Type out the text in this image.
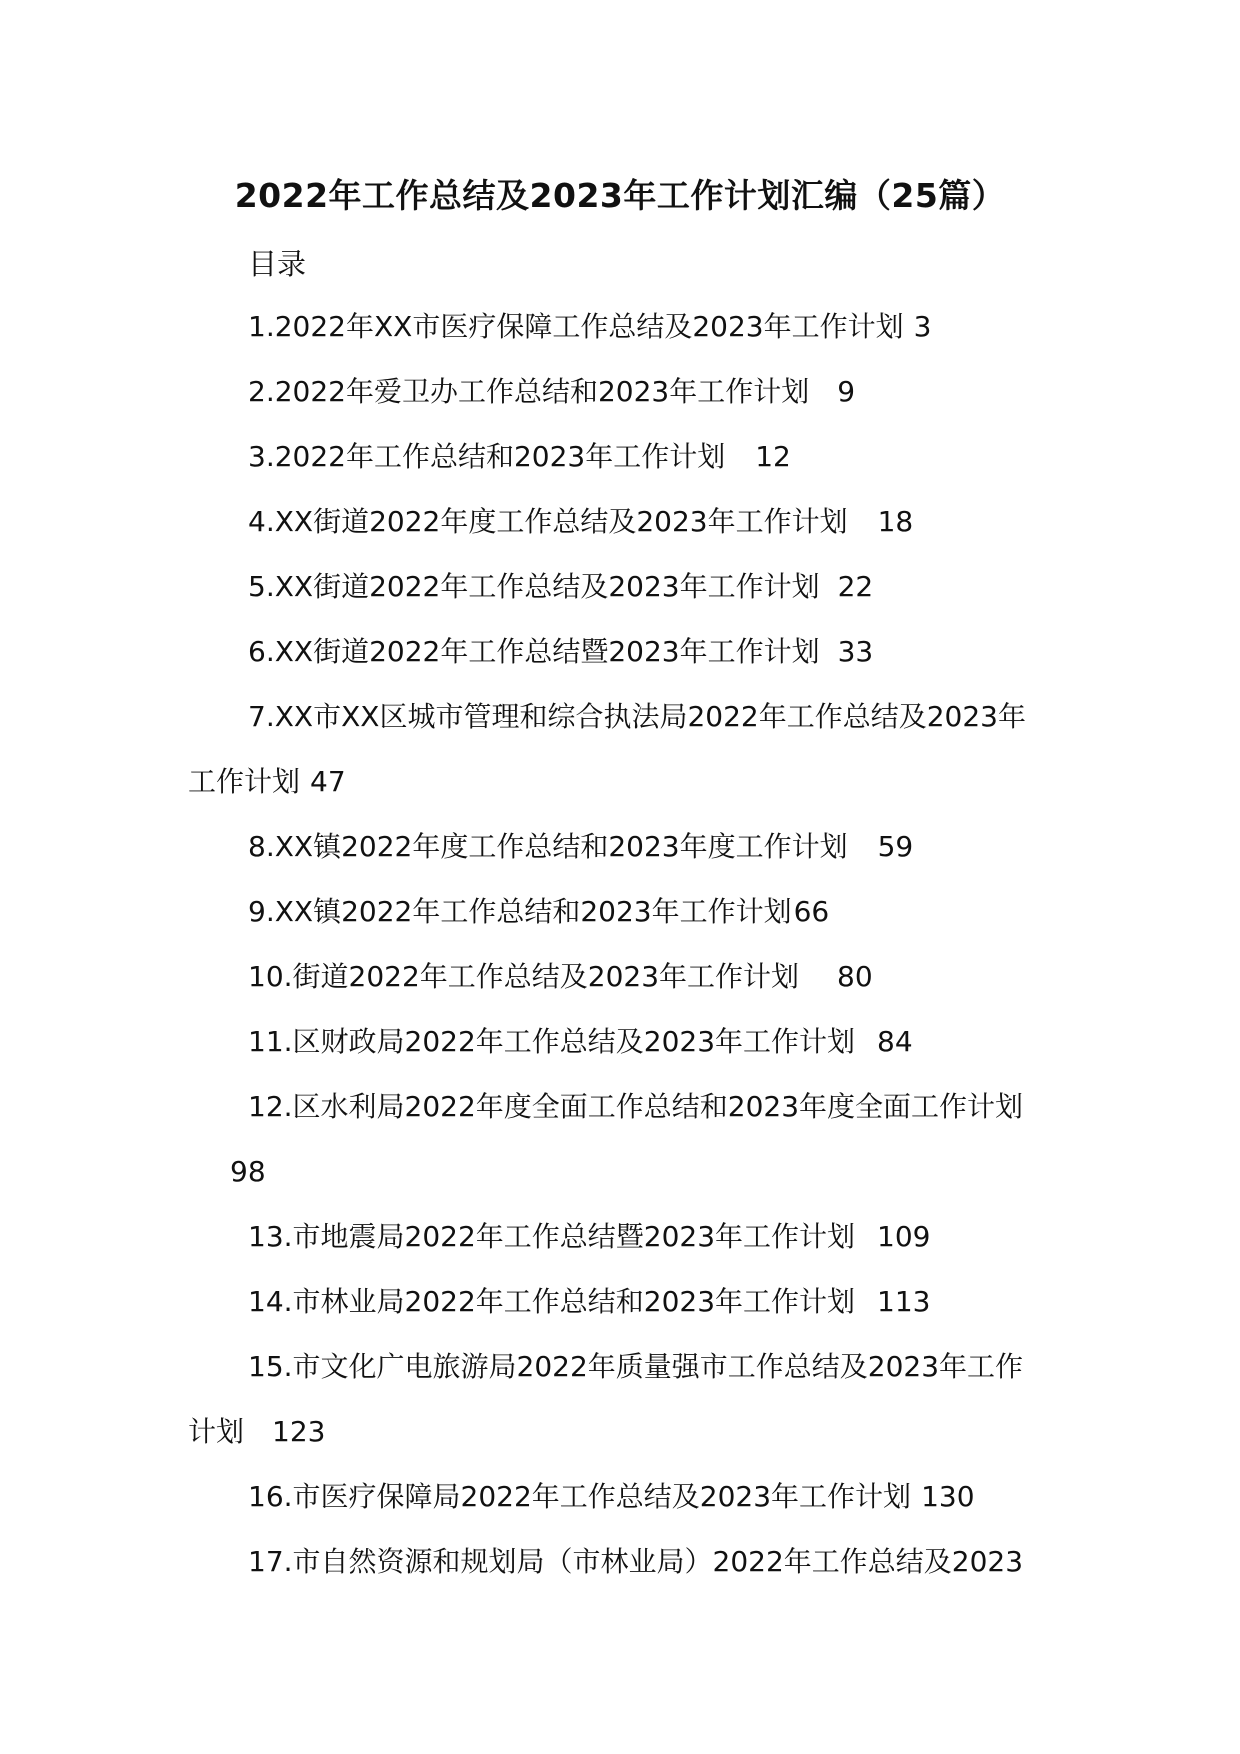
2022年工作总结及2023年工作计划汇编（25篇）
目录
1.2022年XX市医疗保障工作总结及2023年工作计划 3
2.2022年爱卫办工作总结和2023年工作计划 9
3.2022年工作总结和2023年工作计划 12
4.XX街道2022年度工作总结及2023年工作计划 18
5.XX街道2022年工作总结及2023年工作计划 22
6.XX街道2022年工作总结暨2023年工作计划 33
7.XX市XX区城市管理和综合执法局2022年工作总结及2023年
工作计划 47
8.XX镇2022年度工作总结和2023年度工作计划 59
9.XX镇2022年工作总结和2023年工作计划66
10.街道2022年工作总结及2023年工作计划 80
11.区财政局2022年工作总结及2023年工作计划 84
12.区水利局2022年度全面工作总结和2023年度全面工作计划
98
13.市地震局2022年工作总结暨2023年工作计划 109
14.市林业局2022年工作总结和2023年工作计划 113
15.市文化广电旅游局2022年质量强市工作总结及2023年工作
计划 123
16.市医疗保障局2022年工作总结及2023年工作计划 130
17.市自然资源和规划局（市林业局）2022年工作总结及2023
